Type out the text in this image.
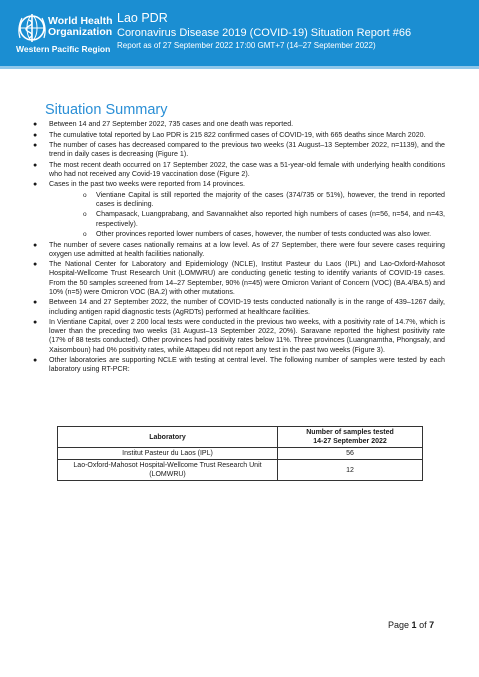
World Health
Organization
Western Pacific Region
Lao PDR
Coronavirus Disease 2019 (COVID-19) Situation Report #66
Report as of 27 September 2022 17:00 GMT+7 (14–27 September 2022)
Situation Summary
● Between 14 and 27 September 2022, 735 cases and one death was reported.
● The cumulative total reported by Lao PDR is 215 822 confirmed cases of COVID-19, with 665 deaths since March 2020.
● The number of cases has decreased compared to the previous two weeks (31 August–13 September 2022, n=1139), and the trend in daily cases is decreasing (Figure 1).
● The most recent death occurred on 17 September 2022, the case was a 51-year-old female with underlying health conditions who had not received any Covid-19 vaccination dose (Figure 2).
● Cases in the past two weeks were reported from 14 provinces.
o Vientiane Capital is still reported the majority of the cases (374/735 or 51%), however, the trend in reported cases is declining.
o Champasack, Luangprabang, and Savannakhet also reported high numbers of cases (n=56, n=54, and n=43, respectively).
o Other provinces reported lower numbers of cases, however, the number of tests conducted was also lower.
● The number of severe cases nationally remains at a low level. As of 27 September, there were four severe cases requiring oxygen use admitted at health facilities nationally.
● The National Center for Laboratory and Epidemiology (NCLE), Institut Pasteur du Laos (IPL) and Lao-Oxford-Mahosot Hospital-Wellcome Trust Research Unit (LOMWRU) are conducting genetic testing to identify variants of COVID-19 cases. From the 50 samples screened from 14–27 September, 90% (n=45) were Omicron Variant of Concern (VOC) (BA.4/BA.5) and 10% (n=5) were Omicron VOC (BA.2) with other mutations.
● Between 14 and 27 September 2022, the number of COVID-19 tests conducted nationally is in the range of 439–1267 daily, including antigen rapid diagnostic tests (AgRDTs) performed at healthcare facilities.
● In Vientiane Capital, over 2 200 local tests were conducted in the previous two weeks, with a positivity rate of 14.7%, which is lower than the preceding two weeks (31 August–13 September 2022, 20%). Saravane reported the highest positivity rate (17% of 88 tests conducted). Other provinces had positivity rates below 11%. Three provinces (Luangnamtha, Phongsaly, and Xaisomboun) had 0% positivity rates, while Attapeu did not report any test in the past two weeks (Figure 3).
● Other laboratories are supporting NCLE with testing at central level. The following number of samples were tested by each laboratory using RT-PCR:
Laboratory	Number of samples tested
14-27 September 2022

Institut Pasteur du Laos (IPL)	56
Lao-Oxford-Mahosot Hospital-Wellcome Trust Research Unit (LOMWRU)	12
Page 1 of 7
